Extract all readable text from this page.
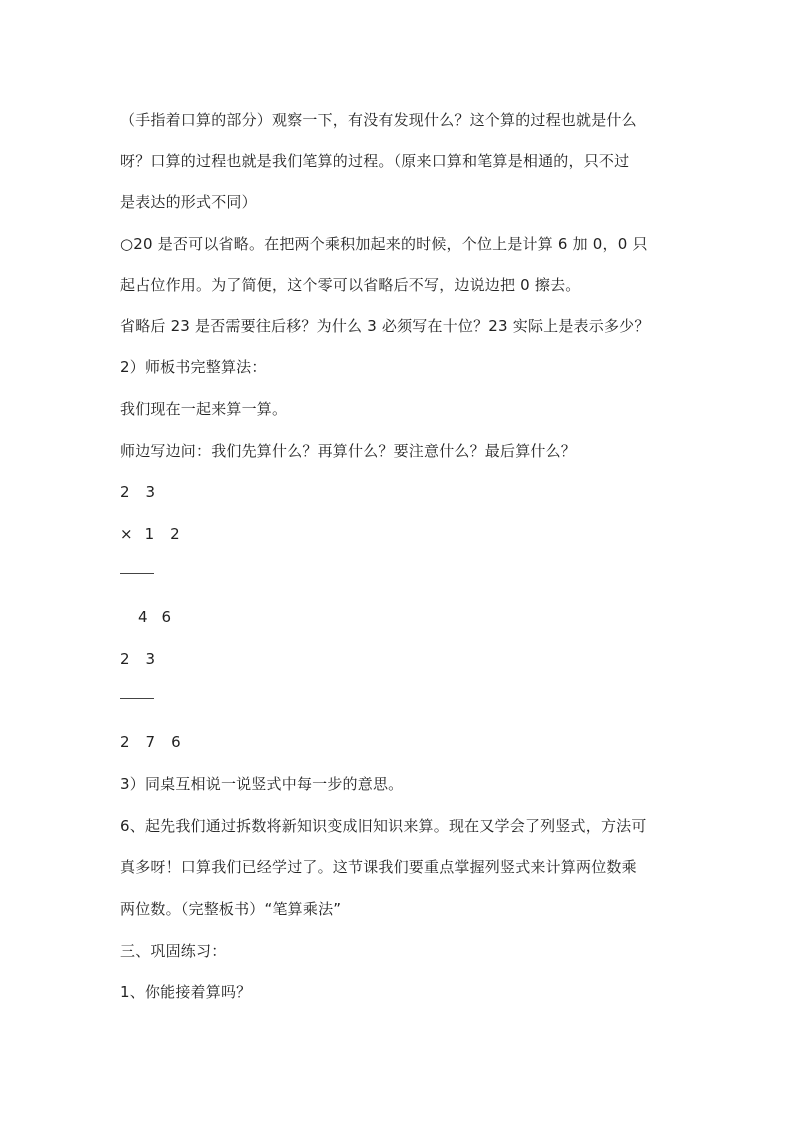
（手指着口算的部分）观察一下，有没有发现什么？这个算的过程也就是什么
呀？口算的过程也就是我们笔算的过程。（原来口算和笔算是相通的，只不过
是表达的形式不同）
○20 是否可以省略。在把两个乘积加起来的时候，个位上是计算 6 加 0，0 只
起占位作用。为了简便，这个零可以省略后不写，边说边把 0 擦去。
省略后 23 是否需要往后移？为什么 3 必须写在十位？23 实际上是表示多少？
2）师板书完整算法：
我们现在一起来算一算。
师边写边问：我们先算什么？再算什么？要注意什么？最后算什么？
2 3
× 1 2
4 6
2 3
2 7 6
3）同桌互相说一说竖式中每一步的意思。
6、起先我们通过拆数将新知识变成旧知识来算。现在又学会了列竖式，方法可
真多呀！口算我们已经学过了。这节课我们要重点掌握列竖式来计算两位数乘
两位数。（完整板书）“笔算乘法”
三、巩固练习：
1、你能接着算吗？
